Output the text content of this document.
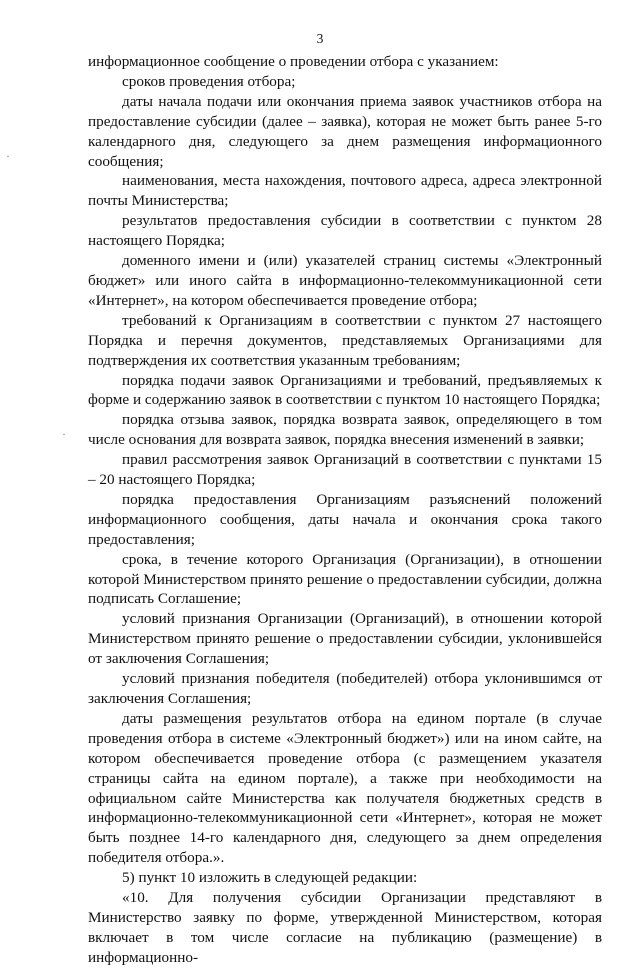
3
·
·

информационное сообщение о проведении отбора с указанием:

сроков проведения отбора;

даты начала подачи или окончания приема заявок участников отбора на предоставление субсидии (далее – заявка), которая не может быть ранее 5-го календарного дня, следующего за днем размещения информационного сообщения;

наименования, места нахождения, почтового адреса, адреса электронной почты Министерства;

результатов предоставления субсидии в соответствии с пунктом 28 настоящего Порядка;

доменного имени и (или) указателей страниц системы «Электронный бюджет» или иного сайта в информационно-телекоммуникационной сети «Интернет», на котором обеспечивается проведение отбора;

требований к Организациям в соответствии с пунктом 27 настоящего Порядка и перечня документов, представляемых Организациями для подтверждения их соответствия указанным требованиям;

порядка подачи заявок Организациями и требований, предъявляемых к форме и содержанию заявок в соответствии с пунктом 10 настоящего Порядка;

порядка отзыва заявок, порядка возврата заявок, определяющего в том числе основания для возврата заявок, порядка внесения изменений в заявки;

правил рассмотрения заявок Организаций в соответствии с пунктами 15 – 20 настоящего Порядка;

порядка предоставления Организациям разъяснений положений информационного сообщения, даты начала и окончания срока такого предоставления;

срока, в течение которого Организация (Организации), в отношении которой Министерством принято решение о предоставлении субсидии, должна подписать Соглашение;

условий признания Организации (Организаций), в отношении которой Министерством принято решение о предоставлении субсидии, уклонившейся от заключения Соглашения;

условий признания победителя (победителей) отбора уклонившимся от заключения Соглашения;

даты размещения результатов отбора на едином портале (в случае проведения отбора в системе «Электронный бюджет») или на ином сайте, на котором обеспечивается проведение отбора (с размещением указателя страницы сайта на едином портале), а также при необходимости на официальном сайте Министерства как получателя бюджетных средств в информационно-телекоммуникационной сети «Интернет», которая не может быть позднее 14-го календарного дня, следующего за днем определения победителя отбора.».

5) пункт 10 изложить в следующей редакции:

«10. Для получения субсидии Организации представляют в Министерство заявку по форме, утвержденной Министерством, которая включает в том числе согласие на публикацию (размещение) в информационно-
